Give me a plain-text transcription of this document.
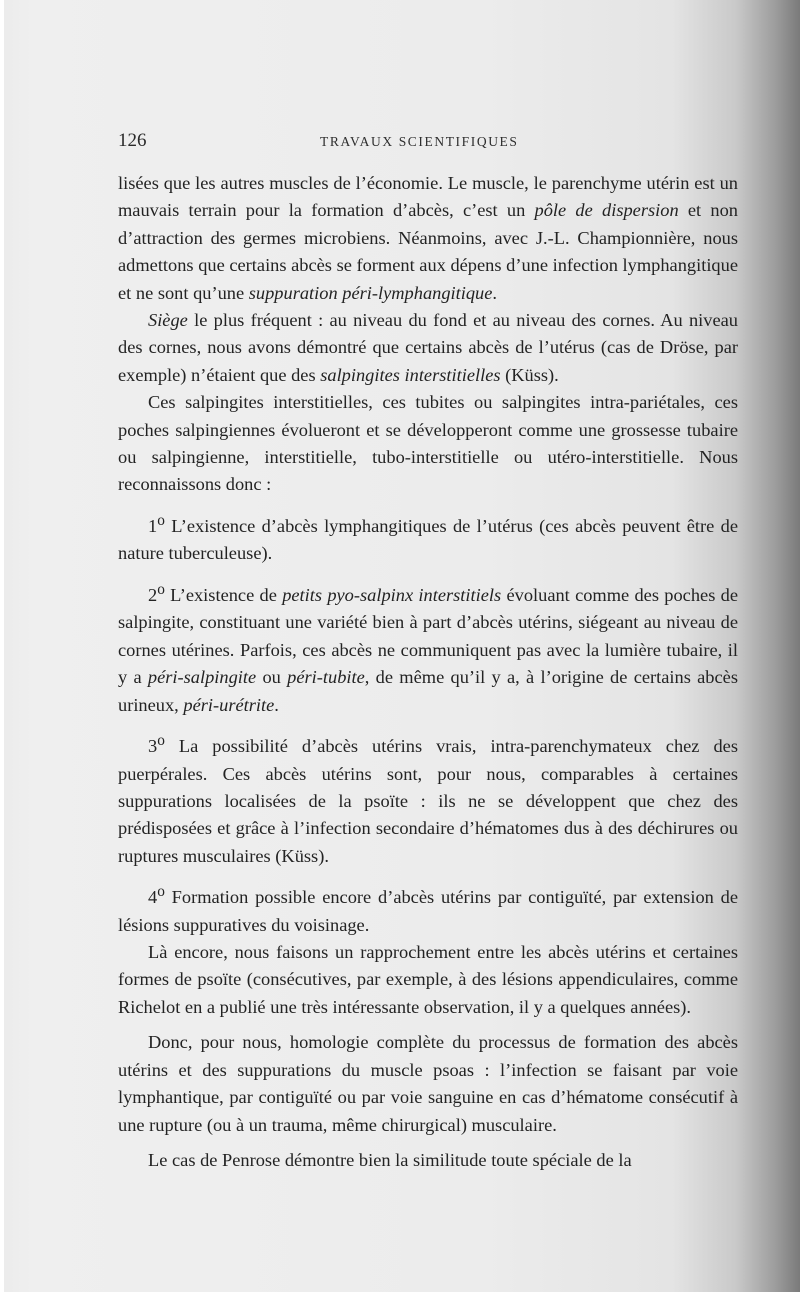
126	TRAVAUX SCIENTIFIQUES

lisées que les autres muscles de l’économie. Le muscle, le parenchyme utérin est un mauvais terrain pour la formation d’abcès, c’est un pôle de dispersion et non d’attraction des germes microbiens. Néanmoins, avec J.-L. Championnière, nous admettons que certains abcès se forment aux dépens d’une infection lymphangitique et ne sont qu’une suppuration péri-lymphangitique.

Siège le plus fréquent : au niveau du fond et au niveau des cornes. Au niveau des cornes, nous avons démontré que certains abcès de l’utérus (cas de Dröse, par exemple) n’étaient que des salpingites interstitielles (Küss).

Ces salpingites interstitielles, ces tubites ou salpingites intra-pariétales, ces poches salpingiennes évolueront et se développeront comme une grossesse tubaire ou salpingienne, interstitielle, tubo-interstitielle ou utéro-interstitielle. Nous reconnaissons donc :

1$^o$ L’existence d’abcès lymphangitiques de l’utérus (ces abcès peuvent être de nature tuberculeuse).

2$^o$ L’existence de petits pyo-salpinx interstitiels évoluant comme des poches de salpingite, constituant une variété bien à part d’abcès utérins, siégeant au niveau de cornes utérines. Parfois, ces abcès ne communiquent pas avec la lumière tubaire, il y a péri-salpingite ou péri-tubite, de même qu’il y a, à l’origine de certains abcès urineux, péri-urétrite.

3$^o$ La possibilité d’abcès utérins vrais, intra-parenchymateux chez des puerpérales. Ces abcès utérins sont, pour nous, comparables à certaines suppurations localisées de la psoïte : ils ne se développent que chez des prédisposées et grâce à l’infection secondaire d’hématomes dus à des déchirures ou ruptures musculaires (Küss).

4$^o$ Formation possible encore d’abcès utérins par contiguïté, par extension de lésions suppuratives du voisinage.

Là encore, nous faisons un rapprochement entre les abcès utérins et certaines formes de psoïte (consécutives, par exemple, à des lésions appendiculaires, comme Richelot en a publié une très intéressante observation, il y a quelques années).

Donc, pour nous, homologie complète du processus de formation des abcès utérins et des suppurations du muscle psoas : l’infection se faisant par voie lymphantique, par contiguïté ou par voie sanguine en cas d’hématome consécutif à une rupture (ou à un trauma, même chirurgical) musculaire.

Le cas de Penrose démontre bien la similitude toute spéciale de la
